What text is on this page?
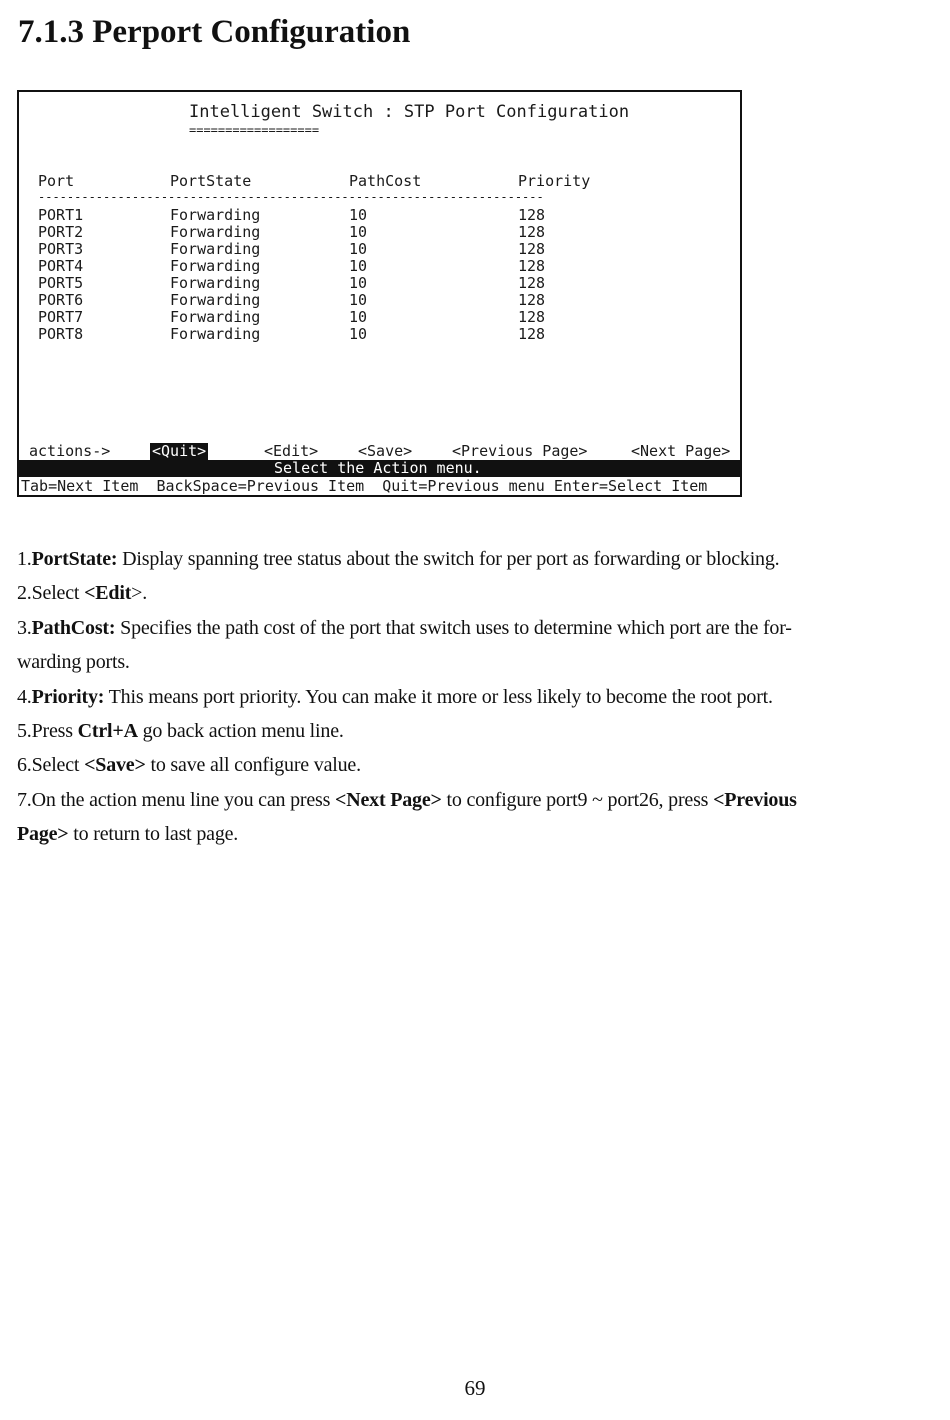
7.1.3 Perport Configuration
Intelligent Switch : STP Port Configuration
==================
Port	PortState	PathCost	Priority
----------------------------------------------------------------------
PORT1	Forwarding	10	128
PORT2	Forwarding	10	128
PORT3	Forwarding	10	128
PORT4	Forwarding	10	128
PORT5	Forwarding	10	128
PORT6	Forwarding	10	128
PORT7	Forwarding	10	128
PORT8	Forwarding	10	128
actions->	<Quit>	<Edit>	<Save>	<Previous Page>	<Next Page>
Select the Action menu.
Tab=Next Item  BackSpace=Previous Item  Quit=Previous menu Enter=Select Item

1.PortState: Display spanning tree status about the switch for per port as forwarding or blocking.

2.Select <Edit>.

3.PathCost: Specifies the path cost of the port that switch uses to determine which port are the for-

warding ports.

4.Priority: This means port priority. You can make it more or less likely to become the root port.

5.Press Ctrl+A go back action menu line.

6.Select <Save> to save all configure value.

7.On the action menu line you can press <Next Page> to configure port9 ~ port26, press <Previous

Page> to return to last page.

69
